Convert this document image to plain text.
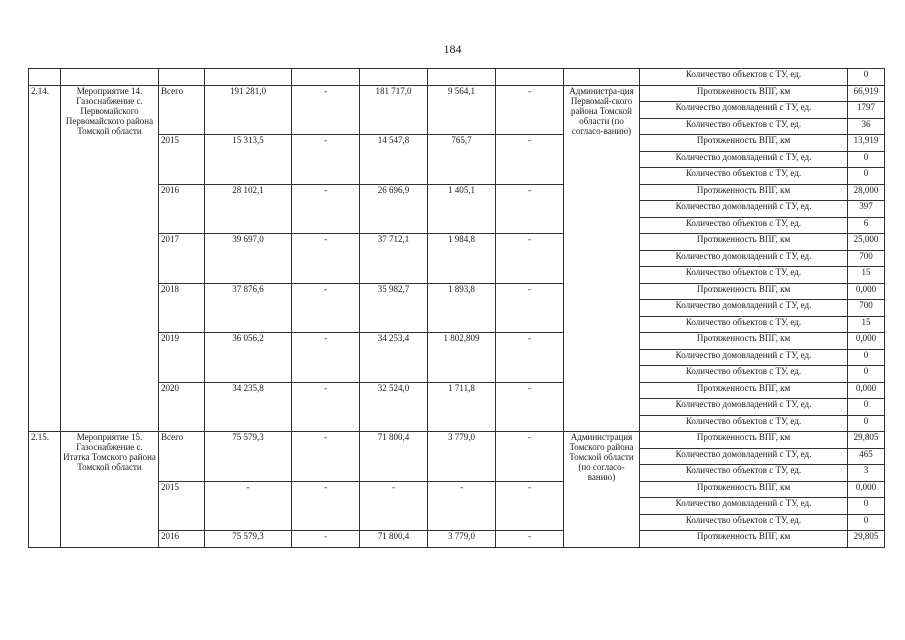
184
									Количество объектов с ТУ, ед.	0
2.14.	Мероприятие 14. Газоснабжение с. Первомайского Первомайского района Томской области	Всего	191 281,0	-	181 717,0	9 564,1	-	Администра-ция Первомай-ского района Томской области (по согласо-ванию)	Протяженность ВПГ, км	66,919
									Количество домовладений с ТУ, ед.	1797
									Количество объектов с ТУ, ед.	36
		2015	15 313,5	-	14 547,8	765,7	-		Протяженность ВПГ, км	13,919
									Количество домовладений с ТУ, ед.	0
									Количество объектов с ТУ, ед.	0
		2016	28 102,1	-	26 696,9	1 405,1	-		Протяженность ВПГ, км	28,000
									Количество домовладений с ТУ, ед.	397
									Количество объектов с ТУ, ед.	6
		2017	39 697,0	-	37 712,1	1 984,8	-		Протяженность ВПГ, км	25,000
									Количество домовладений с ТУ, ед.	700
									Количество объектов с ТУ, ед.	15
		2018	37 876,6	-	35 982,7	1 893,8	-		Протяженность ВПГ, км	0,000
									Количество домовладений с ТУ, ед.	700
									Количество объектов с ТУ, ед.	15
		2019	36 056,2	-	34 253,4	1 802,809	-		Протяженность ВПГ, км	0,000
									Количество домовладений с ТУ, ед.	0
									Количество объектов с ТУ, ед.	0
		2020	34 235,8	-	32 524,0	1 711,8	-		Протяженность ВПГ, км	0,000
									Количество домовладений с ТУ, ед.	0
									Количество объектов с ТУ, ед.	0
2.15.	Мероприятие 15. Газоснабжение с. Итатка Томского района Томской области	Всего	75 579,3	-	71 800,4	3 779,0	-	Администрация Томского района Томской области (по согласо-ванию)	Протяженность ВПГ, км	29,805
									Количество домовладений с ТУ, ед.	465
									Количество объектов с ТУ, ед.	3
		2015	-	-	-	-	-		Протяженность ВПГ, км	0,000
									Количество домовладений с ТУ, ед.	0
									Количество объектов с ТУ, ед.	0
		2016	75 579,3	-	71 800,4	3 779,0	-		Протяженность ВПГ, км	29,805
